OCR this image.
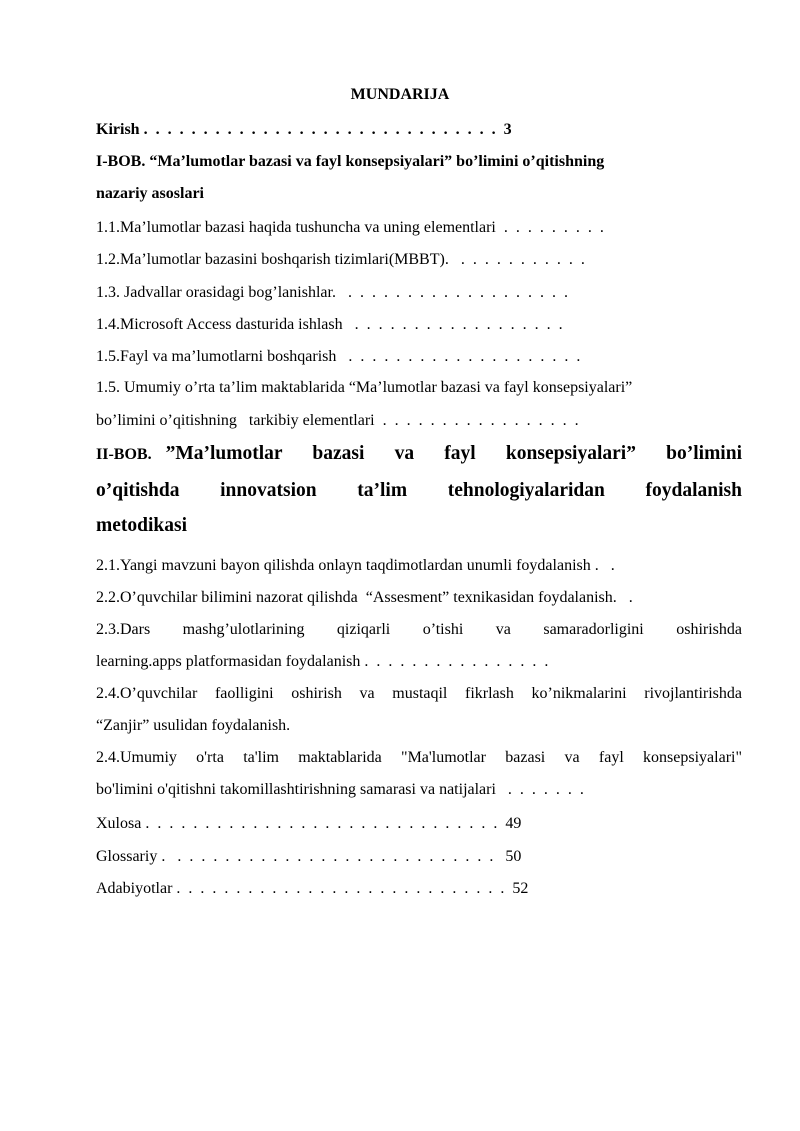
MUNDARIJA
Kirish .  .  .  .  .  .  .  .  .  .  .  .  .  .  .  .  .  .  .  .  .  .  .  .  .  .  .  .  .  .  3
I-BOB. “Ma’lumotlar bazasi va fayl konsepsiyalari” bo’limini o’qitishning
nazariy asoslari
1.1.Ma’lumotlar bazasi haqida tushuncha va uning elementlari  .  .  .  .  .  .  .  .  .
1.2.Ma’lumotlar bazasini boshqarish tizimlari(MBBT).   .  .  .  .  .  .  .  .  .  .  .
1.3. Jadvallar orasidagi bog’lanishlar.   .  .  .  .  .  .  .  .  .  .  .  .  .  .  .  .  .  .  .
1.4.Microsoft Access dasturida ishlash   .  .  .  .  .  .  .  .  .  .  .  .  .  .  .  .  .  .
1.5.Fayl va ma’lumotlarni boshqarish   .  .  .  .  .  .  .  .  .  .  .  .  .  .  .  .  .  .  .  .
1.5. Umumiy o’rta ta’lim maktablarida “Ma’lumotlar bazasi va fayl konsepsiyalari”
bo’limini o’qitishning   tarkibiy elementlari  .  .  .  .  .  .  .  .  .  .  .  .  .  .  .  .  .
II-BOB. ”Ma’lumotlar bazasi va fayl konsepsiyalari” bo’limini
o’qitishda innovatsion ta’lim tehnologiyalaridan foydalanish
metodikasi
2.1.Yangi mavzuni bayon qilishda onlayn taqdimotlardan unumli foydalanish .   .
2.2.O’quvchilar bilimini nazorat qilishda  “Assesment” texnikasidan foydalanish.   .
2.3.Dars mashg’ulotlarining qiziqarli o’tishi va samaradorligini oshirishda
learning.apps platformasidan foydalanish .  .  .  .  .  .  .  .  .  .  .  .  .  .  .  .
2.4.O’quvchilar faolligini oshirish va mustaqil fikrlash ko’nikmalarini rivojlantirishda
“Zanjir” usulidan foydalanish.
2.4.Umumiy o'rta ta'lim maktablarida "Ma'lumotlar bazasi va fayl konsepsiyalari"
bo'limini o'qitishni takomillashtirishning samarasi va natijalari   .  .  .  .  .  .  .
Xulosa .  .  .  .  .  .  .  .  .  .  .  .  .  .  .  .  .  .  .  .  .  .  .  .  .  .  .  .  .  .  49
Glossariy .   .  .  .  .  .  .  .  .  .  .  .  .  .  .  .  .  .  .  .  .  .  .  .  .  .  .  .   50
Adabiyotlar .  .  .  .  .  .  .  .  .  .  .  .  .  .  .  .  .  .  .  .  .  .  .  .  .  .  .  .  52
